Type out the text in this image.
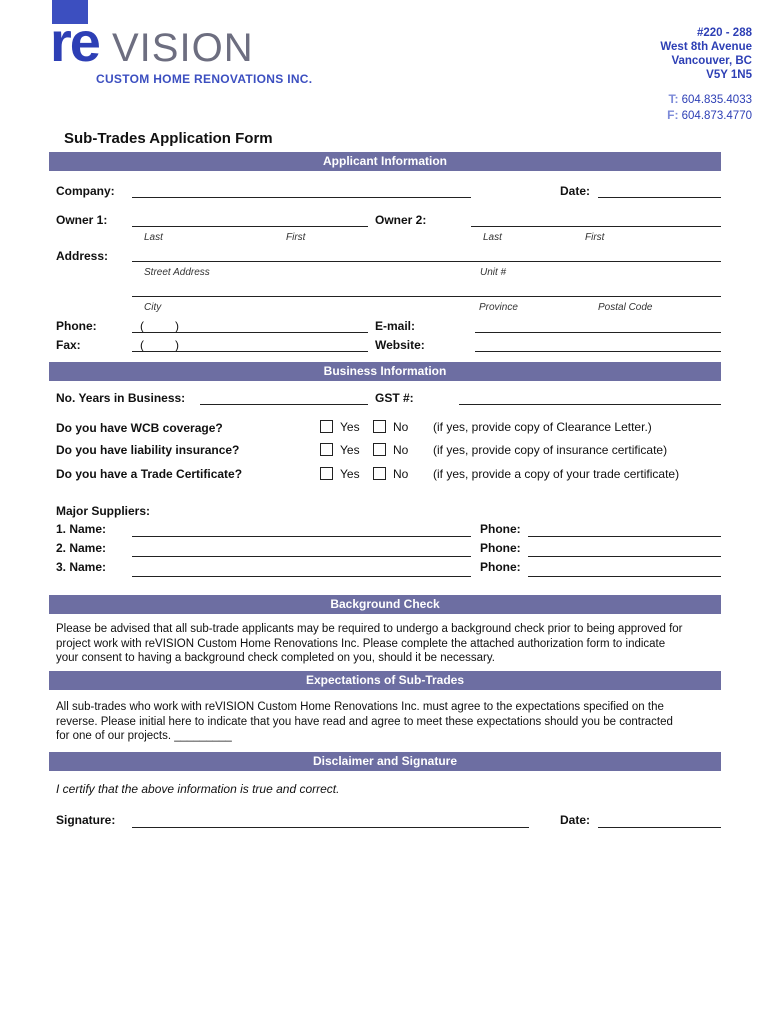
re VISION
CUSTOM HOME RENOVATIONS INC.
#220 - 288
West 8th Avenue
Vancouver, BC
V5Y 1N5
T: 604.835.4033
F: 604.873.4770
Sub-Trades Application Form
Applicant Information
Company:	Date:
Owner 1:	Owner 2:
Last	First	Last	First
Address:
Street Address	Unit #
City	Province	Postal Code
Phone:	(	)	E-mail:
Fax:	(	)	Website:
Business Information
No. Years in Business:	GST #:
Do you have WCB coverage?	Yes	No (if yes, provide copy of Clearance Letter.)
Do you have liability insurance?	Yes	No (if yes, provide copy of insurance certificate)
Do you have a Trade Certificate?	Yes	No (if yes, provide a copy of your trade certificate)
Major Suppliers:
1. Name:	Phone:
2. Name:	Phone:
3. Name:	Phone:
Background Check
Please be advised that all sub-trade applicants may be required to undergo a background check prior to being approved for
project work with reVISION Custom Home Renovations Inc. Please complete the attached authorization form to indicate
your consent to having a background check completed on you, should it be necessary.
Expectations of Sub-Trades
All sub-trades who work with reVISION Custom Home Renovations Inc. must agree to the expectations specified on the
reverse. Please initial here to indicate that you have read and agree to meet these expectations should you be contracted
for one of our projects. _________
Disclaimer and Signature
I certify that the above information is true and correct.
Signature:	Date:
